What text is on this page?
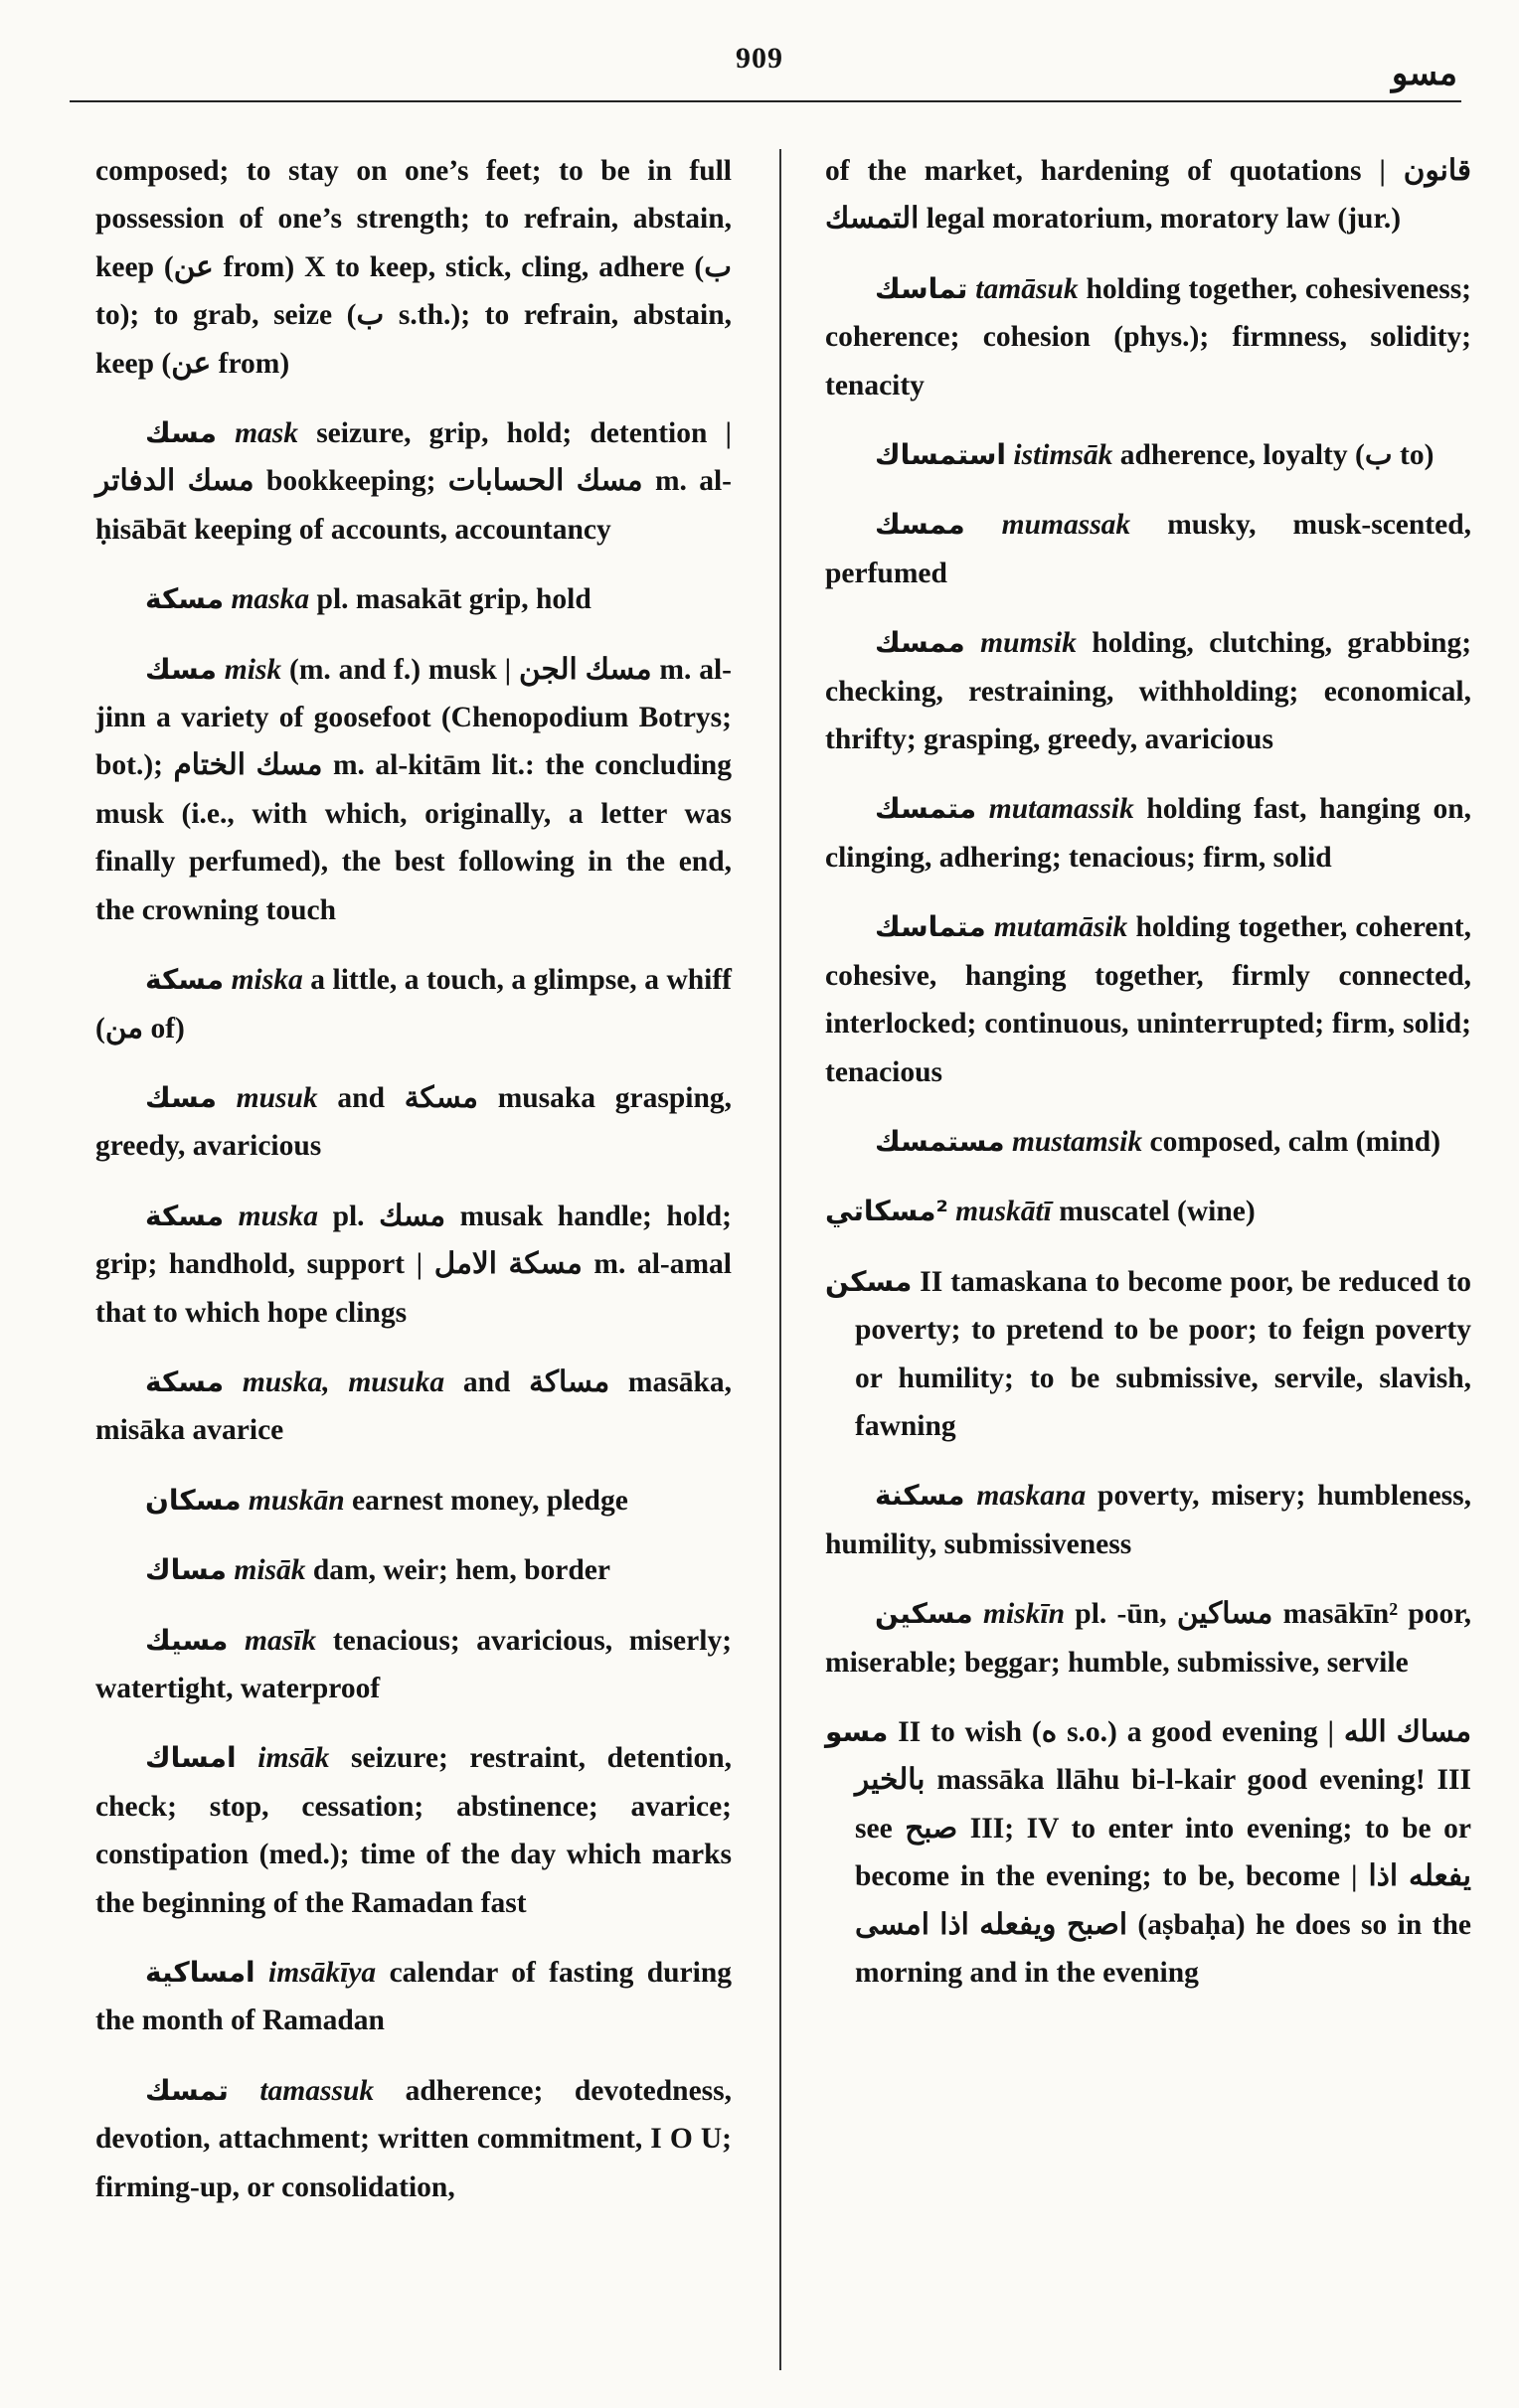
909	مسو

composed; to stay on one’s feet; to be in full possession of one’s strength; to refrain, abstain, keep (عن from) X to keep, stick, cling, adhere (ب to); to grab, seize (ب s.th.); to refrain, abstain, keep (عن from)

مسك mask seizure, grip, hold; detention | مسك الدفاتر bookkeeping; مسك الحسابات m. al-ḥisābāt keeping of accounts, accountancy

مسكة maska pl. masakāt grip, hold

مسك misk (m. and f.) musk | مسك الجن m. al-jinn a variety of goosefoot (Chenopodium Botrys; bot.); مسك الختام m. al-kitām lit.: the concluding musk (i.e., with which, originally, a letter was finally perfumed), the best following in the end, the crowning touch

مسكة miska a little, a touch, a glimpse, a whiff (من of)

مسك musuk and مسكة musaka grasping, greedy, avaricious

مسكة muska pl. مسك musak handle; hold; grip; handhold, support | مسكة الامل m. al-amal that to which hope clings

مسكة muska, musuka and مساكة masāka, misāka avarice

مسكان muskān earnest money, pledge

مساك misāk dam, weir; hem, border

مسيك masīk tenacious; avaricious, miserly; watertight, waterproof

امساك imsāk seizure; restraint, detention, check; stop, cessation; abstinence; avarice; constipation (med.); time of the day which marks the beginning of the Ramadan fast

امساكية imsākīya calendar of fasting during the month of Ramadan

تمسك tamassuk adherence; devotedness, devotion, attachment; written commitment, I O U; firming-up, or consolidation,

of the market, hardening of quotations | قانون التمسك legal moratorium, moratory law (jur.)

تماسك tamāsuk holding together, cohesiveness; coherence; cohesion (phys.); firmness, solidity; tenacity

استمساك istimsāk adherence, loyalty (ب to)

ممسك mumassak musky, musk-scented, perfumed

ممسك mumsik holding, clutching, grabbing; checking, restraining, withholding; economical, thrifty; grasping, greedy, avaricious

متمسك mutamassik holding fast, hanging on, clinging, adhering; tenacious; firm, solid

متماسك mutamāsik holding together, coherent, cohesive, hanging together, firmly connected, interlocked; continuous, uninterrupted; firm, solid; tenacious

مستمسك mustamsik composed, calm (mind)

²مسكاتي muskātī muscatel (wine)

مسكن II tamaskana to become poor, be reduced to poverty; to pretend to be poor; to feign poverty or humility; to be submissive, servile, slavish, fawning

مسكنة maskana poverty, misery; humbleness, humility, submissiveness

مسكين miskīn pl. -ūn, مساكين masākīn² poor, miserable; beggar; humble, submissive, servile

مسو II to wish (ه s.o.) a good evening | مساك الله بالخير massāka llāhu bi-l-kair good evening! III see صبح III; IV to enter into evening; to be or become in the evening; to be, become | يفعله اذا اصبح ويفعله اذا امسى (aṣbaḥa) he does so in the morning and in the evening
